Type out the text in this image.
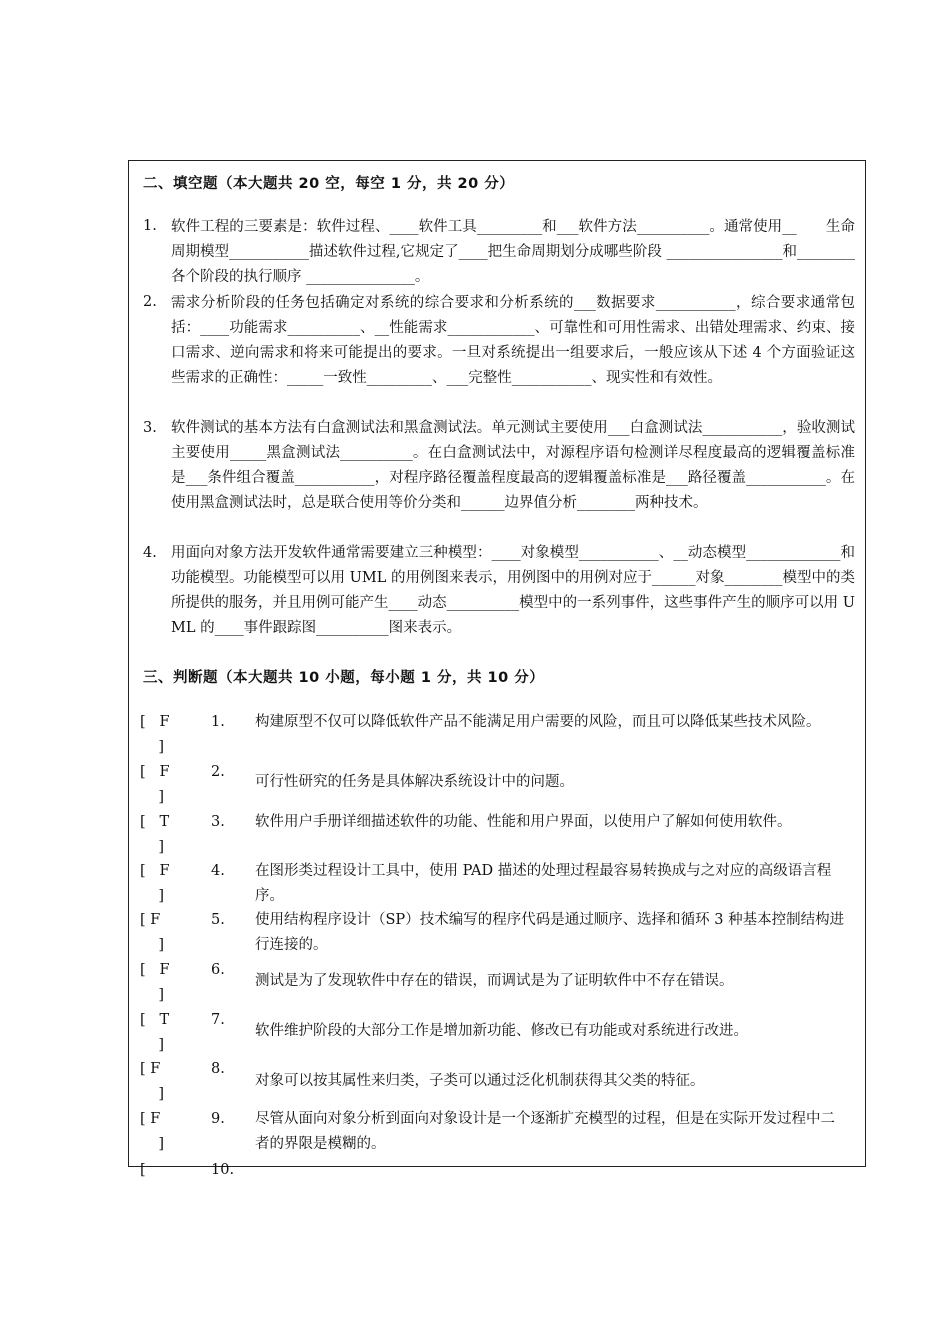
二、填空题（本大题共 20 空，每空 1 分，共 20 分）
1. 软件工程的三要素是：软件过程、____软件工具_________和___软件方法__________。通常使用__　　生命周期模型___________描述软件过程,它规定了____把生命周期划分成哪些阶段 ________________和________各个阶段的执行顺序 _______________。
2. 需求分析阶段的任务包括确定对系统的综合要求和分析系统的___数据要求___________，综合要求通常包括：____功能需求__________、__性能需求____________、可靠性和可用性需求、出错处理需求、约束、接口需求、逆向需求和将来可能提出的要求。一旦对系统提出一组要求后，一般应该从下述 4 个方面验证这些需求的正确性：_____一致性_________、___完整性___________、现实性和有效性。
3. 软件测试的基本方法有白盒测试法和黑盒测试法。单元测试主要使用___白盒测试法___________，验收测试主要使用_____黑盒测试法__________。在白盒测试法中，对源程序语句检测详尽程度最高的逻辑覆盖标准是___条件组合覆盖___________，对程序路径覆盖程度最高的逻辑覆盖标准是___路径覆盖___________。在使用黑盒测试法时，总是联合使用等价分类和______边界值分析________两种技术。
4. 用面向对象方法开发软件通常需要建立三种模型：____对象模型___________、__动态模型_____________和功能模型。功能模型可以用 UML 的用例图来表示，用例图中的用例对应于______对象________模型中的类所提供的服务，并且用例可能产生____动态__________模型中的一系列事件，这些事件产生的顺序可以用 UML 的____事件跟踪图__________图来表示。
三、判断题（本大题共 10 小题，每小题 1 分，共 10 分）
[   F
]
1. 构建原型不仅可以降低软件产品不能满足用户需要的风险，而且可以降低某些技术风险。
[   F
]
2.
可行性研究的任务是具体解决系统设计中的问题。
[   T
]
3. 软件用户手册详细描述软件的功能、性能和用户界面，以使用户了解如何使用软件。
[   F
]
4. 在图形类过程设计工具中，使用 PAD 描述的处理过程最容易转换成与之对应的高级语言程序。
[ F
]
5. 使用结构程序设计（SP）技术编写的程序代码是通过顺序、选择和循环 3 种基本控制结构进行连接的。
[   F
]
6.
测试是为了发现软件中存在的错误，而调试是为了证明软件中不存在错误。
[   T
]
7.
软件维护阶段的大部分工作是增加新功能、修改已有功能或对系统进行改进。
[ F
]
8.
对象可以按其属性来归类，子类可以通过泛化机制获得其父类的特征。
[ F
]
9. 尽管从面向对象分析到面向对象设计是一个逐渐扩充模型的过程，但是在实际开发过程中二者的界限是模糊的。
[	10.
